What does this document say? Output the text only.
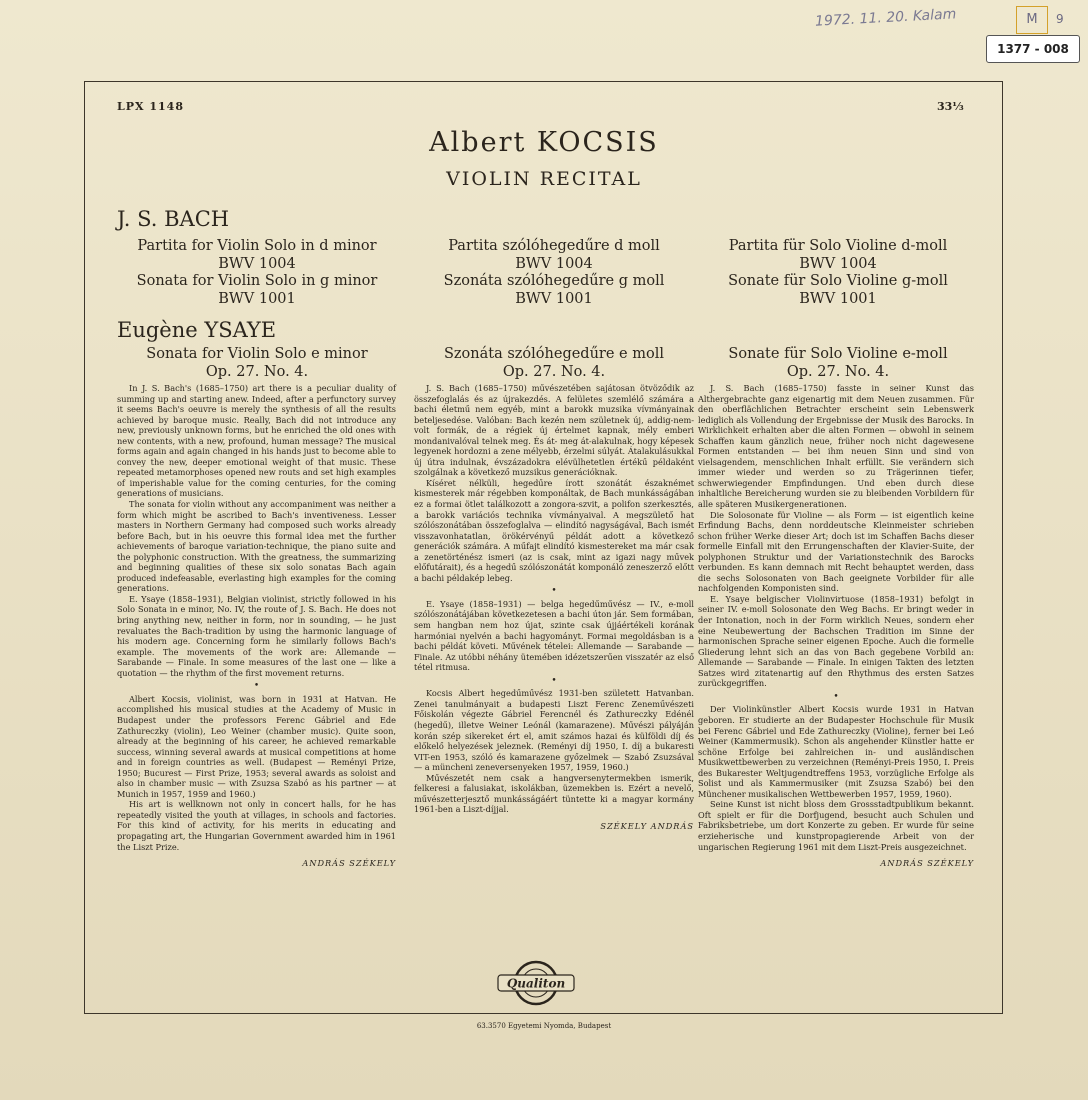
1972. 11. 20. Kalam	M	9
1377 - 008
LPX 1148	33⅓
Albert KOCSIS
VIOLIN RECITAL
J. S. BACH
Partita for Violin Solo in d minor
BWV 1004
Sonata for Violin Solo in g minor
BWV 1001
Partita szólóhegedűre d moll
BWV 1004
Szonáta szólóhegedűre g moll
BWV 1001
Partita für Solo Violine d-moll
BWV 1004
Sonate für Solo Violine g-moll
BWV 1001
Eugène YSAYE
Sonata for Violin Solo e minor
Op. 27. No. 4.
Szonáta szólóhegedűre e moll
Op. 27. No. 4.
Sonate für Solo Violine e-moll
Op. 27. No. 4.

In J. S. Bach's (1685–1750) art there is a peculiar duality of summing up and starting anew. Indeed, after a perfunctory survey it seems Bach's oeuvre is merely the synthesis of all the results achieved by baroque music. Really, Bach did not introduce any new, previously unknown forms, but he enriched the old ones with new contents, with a new, profound, human message? The musical forms again and again changed in his hands just to become able to convey the new, deeper emotional weight of that music. These repeated metamorphoses opened new routs and set high examples of imperishable value for the coming centuries, for the coming generations of musicians.

The sonata for violin without any accompaniment was neither a form which might be ascribed to Bach's inventiveness. Lesser masters in Northern Germany had composed such works already before Bach, but in his oeuvre this formal idea met the further achievements of baroque variation-technique, the piano suite and the polyphonic construction. With the greatness, the summarizing and beginning qualities of these six solo sonatas Bach again produced indefeasable, everlasting high examples for the coming generations.

E. Ysaye (1858–1931), Belgian violinist, strictly followed in his Solo Sonata in e minor, No. IV, the route of J. S. Bach. He does not bring anything new, neither in form, nor in sounding, — he just revaluates the Bach-tradition by using the harmonic language of his modern age. Concerning form he similarly follows Bach's example. The movements of the work are: Allemande — Sarabande — Finale. In some measures of the last one — like a quotation — the rhythm of the first movement returns.

•

Albert Kocsis, violinist, was born in 1931 at Hatvan. He accomplished his musical studies at the Academy of Music in Budapest under the professors Ferenc Gábriel and Ede Zathureczky (violin), Leo Weiner (chamber music). Quite soon, already at the beginning of his career, he achieved remarkable success, winning several awards at musical competitions at home and in foreign countries as well. (Budapest — Reményi Prize, 1950; Bucurest — First Prize, 1953; several awards as soloist and also in chamber music — with Zsuzsa Szabó as his partner — at Munich in 1957, 1959 and 1960.)

His art is wellknown not only in concert halls, for he has repeatedly visited the youth at villages, in schools and factories. For this kind of activity, for his merits in educating and propagating art, the Hungarian Government awarded him in 1961 the Liszt Prize.

ANDRÁS SZÉKELY

J. S. Bach (1685–1750) művészetében sajátosan ötvöződik az összefoglalás és az újrakezdés. A felületes szemlélő számára a bachi életmű nem egyéb, mint a barokk muzsika vívmányainak beteljesedése. Valóban: Bach kezén nem születnek új, addig-nem-volt formák, de a régiek új értelmet kapnak, mély emberi mondanivalóval telnek meg. És át- meg át-alakulnak, hogy képesek legyenek hordozni a zene mélyebb, érzelmi súlyát. Átalakulásukkal új útra indulnak, évszázadokra elévülhetetlen értékű példaként szolgálnak a következő muzsikus generációknak.

Kíséret nélküli, hegedűre írott szonátát északnémet kismesterek már régebben komponáltak, de Bach munkásságában ez a formai ötlet találkozott a zongora-szvit, a polifon szerkesztés, a barokk variációs technika vívmányaival. A megszülető hat szólószonátában összefoglalva — elindító nagyságával, Bach ismét visszavonhatatlan, örökérvényű példát adott a következő generációk számára. A műfajt elindító kismestereket ma már csak a zenetörténész ismeri (az is csak, mint az igazi nagy művek előfutárait), és a hegedű szólószonátát komponáló zeneszerző előtt a bachi példakép lebeg.

•

E. Ysaye (1858–1931) — belga hegedűművész — IV., e-moll szólószonátájában következetesen a bachi úton jár. Sem formában, sem hangban nem hoz újat, szinte csak újjáértékeli korának harmóniai nyelvén a bachi hagyományt. Formai megoldásban is a bachi példát követi. Művének tételei: Allemande — Sarabande — Finale. Az utóbbi néhány ütemében idézetszerűen visszatér az első tétel ritmusa.

•

Kocsis Albert hegedűművész 1931-ben született Hatvanban. Zenei tanulmányait a budapesti Liszt Ferenc Zeneművészeti Főiskolán végezte Gábriel Ferencnél és Zathureczky Edénél (hegedű), illetve Weiner Leónál (kamarazene). Művészi pályáján korán szép sikereket ért el, amit számos hazai és külföldi díj és előkelő helyezések jeleznek. (Reményi díj 1950, I. díj a bukaresti VIT-en 1953, szóló és kamarazene győzelmek — Szabó Zsuzsával — a müncheni zeneversenyeken 1957, 1959, 1960.)

Művészetét nem csak a hangversenytermekben ismerik, felkeresi a falusiakat, iskolákban, üzemekben is. Ezért a nevelő, művészetterjesztő munkásságáért tüntette ki a magyar kormány 1961-ben a Liszt-díjjal.

SZÉKELY ANDRÁS

J. S. Bach (1685–1750) fasste in seiner Kunst das Althergebrachte ganz eigenartig mit dem Neuen zusammen. Für den oberflächlichen Betrachter erscheint sein Lebenswerk lediglich als Vollendung der Ergebnisse der Musik des Barocks. In Wirklichkeit erhalten aber die alten Formen — obwohl in seinem Schaffen kaum gänzlich neue, früher noch nicht dagewesene Formen entstanden — bei ihm neuen Sinn und sind von vielsagendem, menschlichen Inhalt erfüllt. Sie verändern sich immer wieder und werden so zu Trägerinnen tiefer, schwerwiegender Empfindungen. Und eben durch diese inhaltliche Bereicherung wurden sie zu bleibenden Vorbildern für alle späteren Musikergenerationen.

Die Solosonate für Violine — als Form — ist eigentlich keine Erfindung Bachs, denn norddeutsche Kleinmeister schrieben schon früher Werke dieser Art; doch ist im Schaffen Bachs dieser formelle Einfall mit den Errungenschaften der Klavier-Suite, der polyphonen Struktur und der Variationstechnik des Barocks verbunden. Es kann demnach mit Recht behauptet werden, dass die sechs Solosonaten von Bach geeignete Vorbilder für alle nachfolgenden Komponisten sind.

E. Ysaye belgischer Violinvirtuose (1858–1931) befolgt in seiner IV. e-moll Solosonate den Weg Bachs. Er bringt weder in der Intonation, noch in der Form wirklich Neues, sondern eher eine Neubewertung der Bachschen Tradition im Sinne der harmonischen Sprache seiner eigenen Epoche. Auch die formelle Gliederung lehnt sich an das von Bach gegebene Vorbild an: Allemande — Sarabande — Finale. In einigen Takten des letzten Satzes wird zitatenartig auf den Rhythmus des ersten Satzes zurückgegriffen.

•

Der Violinkünstler Albert Kocsis wurde 1931 in Hatvan geboren. Er studierte an der Budapester Hochschule für Musik bei Ferenc Gábriel und Ede Zathureczky (Violine), ferner bei Leó Weiner (Kammermusik). Schon als angehender Künstler hatte er schöne Erfolge bei zahlreichen in- und ausländischen Musikwettbewerben zu verzeichnen (Reményi-Preis 1950, I. Preis des Bukarester Weltjugendtreffens 1953, vorzügliche Erfolge als Solist und als Kammermusiker (mit Zsuzsa Szabó) bei den Münchener musikalischen Wettbewerben 1957, 1959, 1960).

Seine Kunst ist nicht bloss dem Grossstadtpublikum bekannt. Oft spielt er für die Dorfjugend, besucht auch Schulen und Fabriksbetriebe, um dort Konzerte zu geben. Er wurde für seine erzieherische und kunstpropagierende Arbeit von der ungarischen Regierung 1961 mit dem Liszt-Preis ausgezeichnet.

ANDRÁS SZÉKELY

Qualiton
63.3570 Egyetemi Nyomda, Budapest
